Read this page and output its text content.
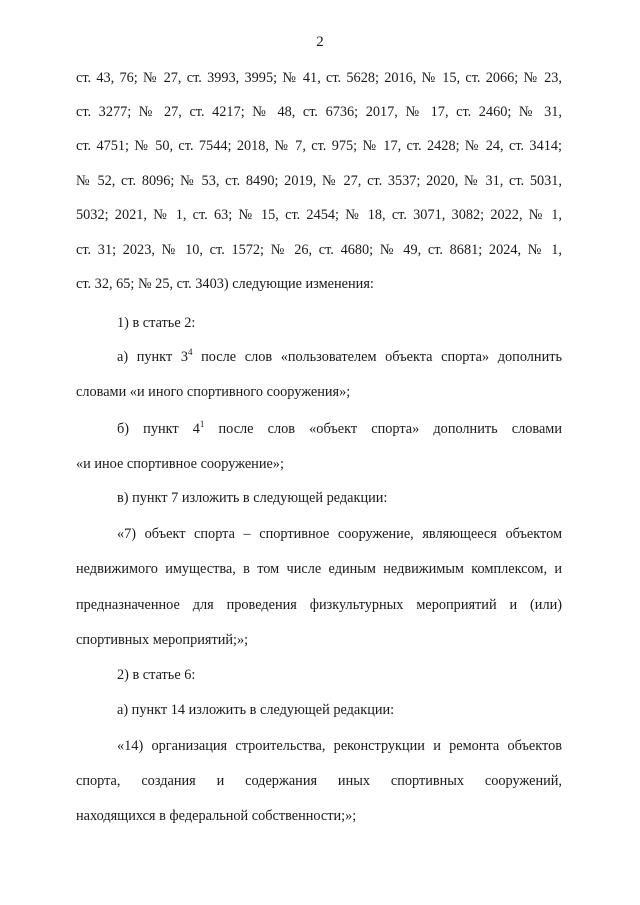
2
ст. 43, 76; № 27, ст. 3993, 3995; № 41, ст. 5628; 2016, № 15, ст. 2066; № 23,
ст. 3277; № 27, ст. 4217; № 48, ст. 6736; 2017, № 17, ст. 2460; № 31,
ст. 4751; № 50, ст. 7544; 2018, № 7, ст. 975; № 17, ст. 2428; № 24, ст. 3414;
№ 52, ст. 8096; № 53, ст. 8490; 2019, № 27, ст. 3537; 2020, № 31, ст. 5031,
5032; 2021, № 1, ст. 63; № 15, ст. 2454; № 18, ст. 3071, 3082; 2022, № 1,
ст. 31; 2023, № 10, ст. 1572; № 26, ст. 4680; № 49, ст. 8681; 2024, № 1,
ст. 32, 65; № 25, ст. 3403) следующие изменения:
1) в статье 2:
а) пункт $3^4$ после слов «пользователем объекта спорта» дополнить
словами «и иного спортивного сооружения»;
б) пункт $4^1$ после слов «объект спорта» дополнить словами
«и иное спортивное сооружение»;
в) пункт 7 изложить в следующей редакции:
«7) объект спорта – спортивное сооружение, являющееся объектом
недвижимого имущества, в том числе единым недвижимым комплексом, и
предназначенное для проведения физкультурных мероприятий и (или)
спортивных мероприятий;»;
2) в статье 6:
а) пункт 14 изложить в следующей редакции:
«14) организация строительства, реконструкции и ремонта объектов
спорта, создания и содержания иных спортивных сооружений,
находящихся в федеральной собственности;»;
